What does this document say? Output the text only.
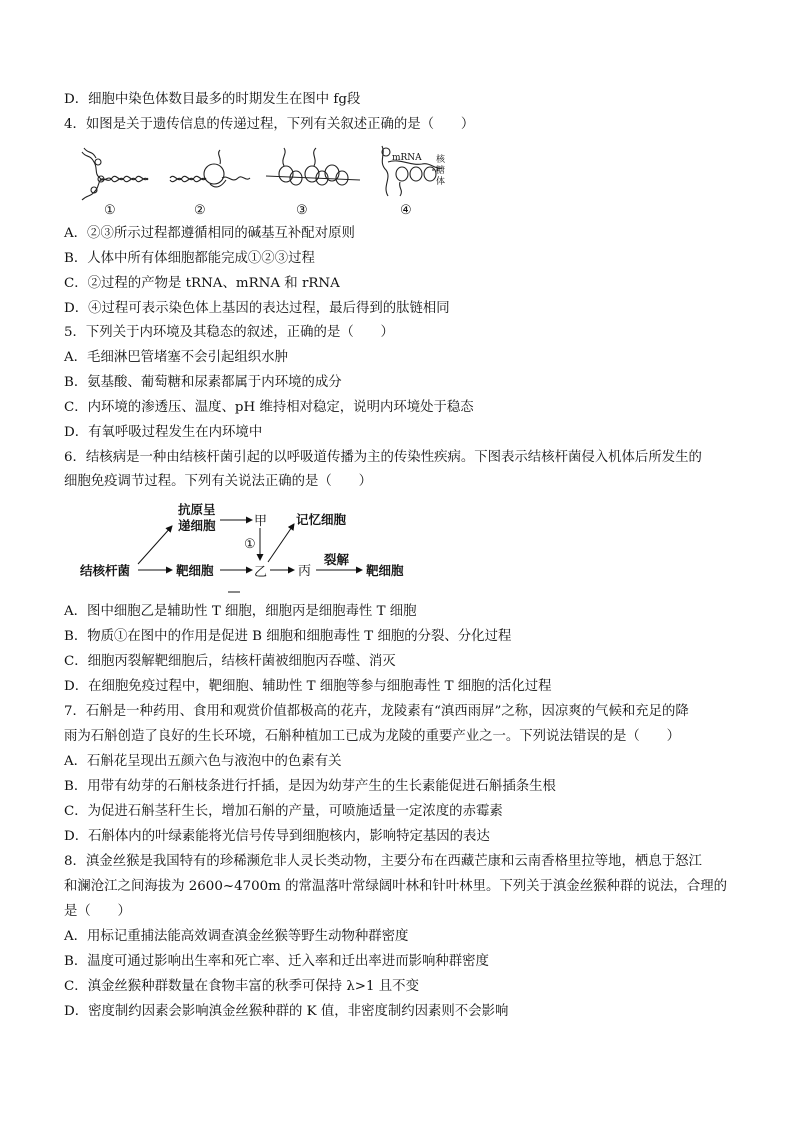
D．细胞中染色体数目最多的时期发生在图中 fg段
4．如图是关于遗传信息的传递过程，下列有关叙述正确的是（　　）
mRNA 核
糖
体
①	②	③	④
A．②③所示过程都遵循相同的碱基互补配对原则
B．人体中所有体细胞都能完成①②③过程
C．②过程的产物是 tRNA、mRNA 和 rRNA
D．④过程可表示染色体上基因的表达过程，最后得到的肽链相同
5．下列关于内环境及其稳态的叙述，正确的是（　　）
A．毛细淋巴管堵塞不会引起组织水肿
B．氨基酸、葡萄糖和尿素都属于内环境的成分
C．内环境的渗透压、温度、pH 维持相对稳定，说明内环境处于稳态
D．有氧呼吸过程发生在内环境中
6．结核病是一种由结核杆菌引起的以呼吸道传播为主的传染性疾病。下图表示结核杆菌侵入机体后所发生的
细胞免疫调节过程。下列有关说法正确的是（　　）
结核杆菌
抗原呈
递细胞	甲
①
靶细胞	乙
记忆细胞
丙
裂解
靶细胞
A．图中细胞乙是辅助性 T 细胞，细胞丙是细胞毒性 T 细胞
B．物质①在图中的作用是促进 B 细胞和细胞毒性 T 细胞的分裂、分化过程
C．细胞丙裂解靶细胞后，结核杆菌被细胞丙吞噬、消灭
D．在细胞免疫过程中，靶细胞、辅助性 T 细胞等参与细胞毒性 T 细胞的活化过程
7．石斛是一种药用、食用和观赏价值都极高的花卉，龙陵素有“滇西雨屏”之称，因凉爽的气候和充足的降
雨为石斛创造了良好的生长环境，石斛种植加工已成为龙陵的重要产业之一。下列说法错误的是（　　）
A．石斛花呈现出五颜六色与液泡中的色素有关
B．用带有幼芽的石斛枝条进行扦插，是因为幼芽产生的生长素能促进石斛插条生根
C．为促进石斛茎秆生长，增加石斛的产量，可喷施适量一定浓度的赤霉素
D．石斛体内的叶绿素能将光信号传导到细胞核内，影响特定基因的表达
8．滇金丝猴是我国特有的珍稀濒危非人灵长类动物，主要分布在西藏芒康和云南香格里拉等地，栖息于怒江
和澜沧江之间海拔为 2600~4700m 的常温落叶常绿阔叶林和针叶林里。下列关于滇金丝猴种群的说法，合理的
是（　　）
A．用标记重捕法能高效调查滇金丝猴等野生动物种群密度
B．温度可通过影响出生率和死亡率、迁入率和迁出率进而影响种群密度
C．滇金丝猴种群数量在食物丰富的秋季可保持 λ>1 且不变
D．密度制约因素会影响滇金丝猴种群的 K 值，非密度制约因素则不会影响
